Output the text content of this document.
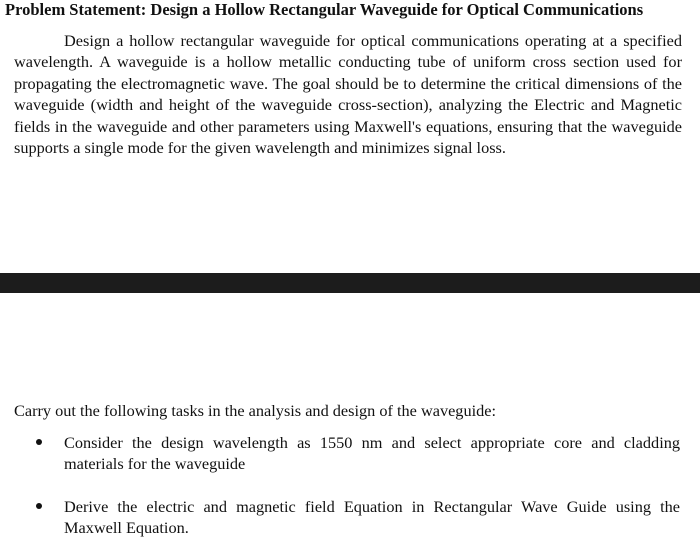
Problem Statement: Design a Hollow Rectangular Waveguide for Optical Communications

Design a hollow rectangular waveguide for optical communications operating at a specified wavelength. A waveguide is a hollow metallic conducting tube of uniform cross section used for propagating the electromagnetic wave. The goal should be to determine the critical dimensions of the waveguide (width and height of the waveguide cross-section), analyzing the Electric and Magnetic fields in the waveguide and other parameters using Maxwell's equations, ensuring that the waveguide supports a single mode for the given wavelength and minimizes signal loss.

Carry out the following tasks in the analysis and design of the waveguide:
Consider the design wavelength as 1550 nm and select appropriate core and cladding materials for the waveguide
Derive the electric and magnetic field Equation in Rectangular Wave Guide using the Maxwell Equation.
